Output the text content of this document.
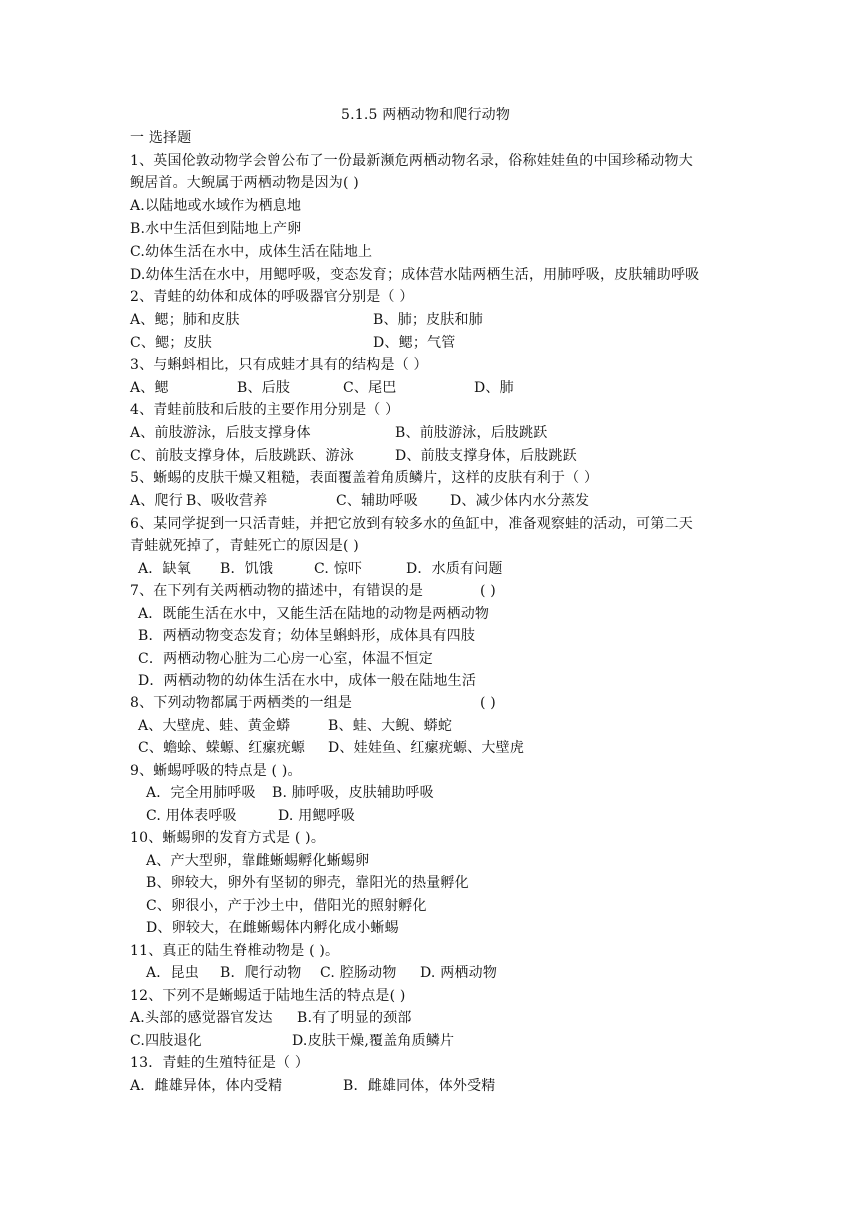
5.1.5 两栖动物和爬行动物
一 选择题
1、英国伦敦动物学会曾公布了一份最新濒危两栖动物名录，俗称娃娃鱼的中国珍稀动物大
鲵居首。大鲵属于两栖动物是因为( )
A.以陆地或水域作为栖息地
B.水中生活但到陆地上产卵
C.幼体生活在水中，成体生活在陆地上
D.幼体生活在水中，用鳃呼吸，变态发育；成体营水陆两栖生活，用肺呼吸，皮肤辅助呼吸
2、青蛙的幼体和成体的呼吸器官分别是（ ）
A、鳃；肺和皮肤	B、肺；皮肤和肺
C、鳃；皮肤	D、鳃；气管
3、与蝌蚪相比，只有成蛙才具有的结构是（ ）
A、鳃	B、后肢	C、尾巴	D、肺
4、青蛙前肢和后肢的主要作用分别是（ ）
A、前肢游泳，后肢支撑身体	B、前肢游泳，后肢跳跃
C、前肢支撑身体，后肢跳跃、游泳	D、前肢支撑身体，后肢跳跃
5、蜥蜴的皮肤干燥又粗糙，表面覆盖着角质鳞片，这样的皮肤有利于（ ）
A、爬行 B、吸收营养	C、辅助呼吸 D、减少体内水分蒸发
6、某同学捉到一只活青蛙，并把它放到有较多水的鱼缸中，准备观察蛙的活动，可第二天
青蛙就死掉了，青蛙死亡的原因是( )
A．缺氧 B．饥饿	C. 惊吓	D．水质有问题
7、在下列有关两栖动物的描述中，有错误的是	( )
A．既能生活在水中，又能生活在陆地的动物是两栖动物
B．两栖动物变态发育；幼体呈蝌蚪形，成体具有四肢
C．两栖动物心脏为二心房一心室，体温不恒定
D．两栖动物的幼体生活在水中，成体一般在陆地生活
8、下列动物都属于两栖类的一组是	( )
A、大壁虎、蛙、黄金蟒	B、蛙、大鲵、蟒蛇
C、蟾蜍、蝾螈、红瘰疣螈 D、娃娃鱼、红瘰疣螈、大壁虎
9、蜥蜴呼吸的特点是 ( )。
A．完全用肺呼吸 B. 肺呼吸，皮肤辅助呼吸
C. 用体表呼吸	D. 用鳃呼吸
10、蜥蜴卵的发育方式是 ( )。
A、产大型卵，靠雌蜥蜴孵化蜥蜴卵
B、卵较大，卵外有坚韧的卵壳，靠阳光的热量孵化
C、卵很小，产于沙土中，借阳光的照射孵化
D、卵较大，在雌蜥蜴体内孵化成小蜥蜴
11、真正的陆生脊椎动物是 ( )。
A．昆虫 B．爬行动物 C. 腔肠动物 D. 两栖动物
12、下列不是蜥蜴适于陆地生活的特点是( )
A.头部的感觉器官发达 B.有了明显的颈部
C.四肢退化	D.皮肤干燥,覆盖角质鳞片
13．青蛙的生殖特征是（ ）
A．雌雄异体，体内受精	B．雌雄同体，体外受精
